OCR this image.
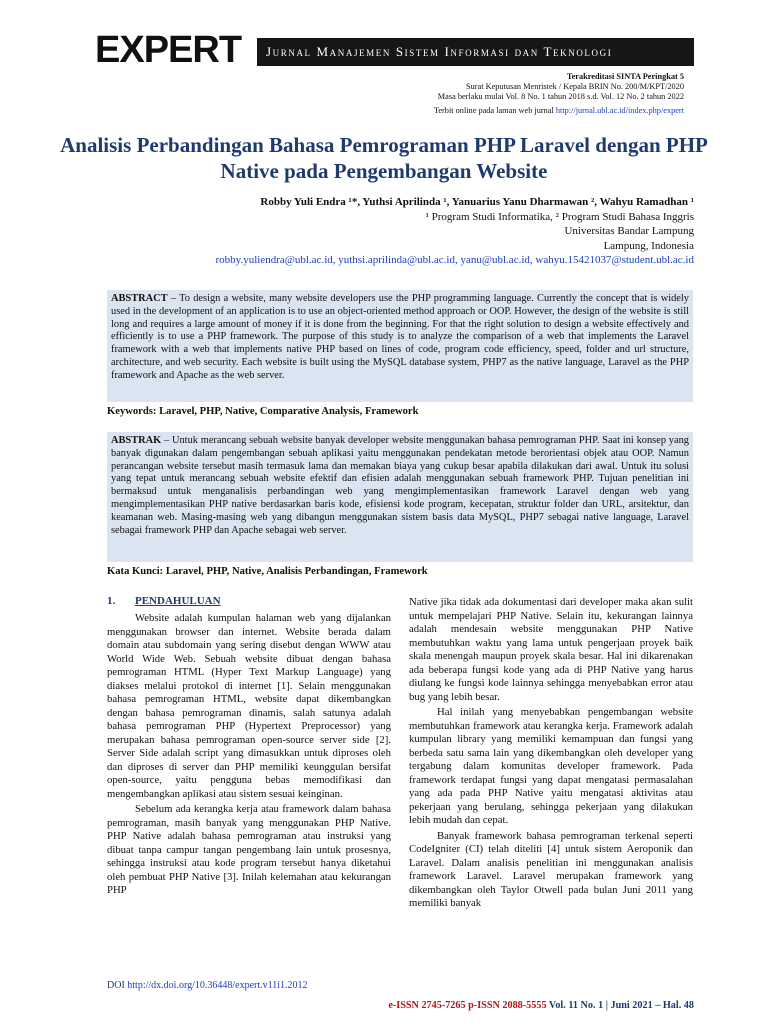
EXPERT	Jurnal Manajemen Sistem Informasi dan Teknologi
Terakreditasi SINTA Peringkat 5
Surat Keputusan Menristek / Kepala BRIN No. 200/M/KPT/2020
Masa berlaku mulai Vol. 8 No. 1 tahun 2018 s.d. Vol. 12 No. 2 tahun 2022
Terbit online pada laman web jurnal http://jurnal.ubl.ac.id/index.php/expert
Analisis Perbandingan Bahasa Pemrograman PHP Laravel dengan PHP Native pada Pengembangan Website
Robby Yuli Endra ¹*, Yuthsi Aprilinda ¹, Yanuarius Yanu Dharmawan ², Wahyu Ramadhan ¹
¹ Program Studi Informatika, ² Program Studi Bahasa Inggris
Universitas Bandar Lampung
Lampung, Indonesia
robby.yuliendra@ubl.ac.id, yuthsi.aprilinda@ubl.ac.id, yanu@ubl.ac.id, wahyu.15421037@student.ubl.ac.id
ABSTRACT – To design a website, many website developers use the PHP programming language. Currently the concept that is widely used in the development of an application is to use an object-oriented method approach or OOP. However, the design of the website is still long and requires a large amount of money if it is done from the beginning. For that the right solution to design a website effectively and efficiently is to use a PHP framework. The purpose of this study is to analyze the comparison of a web that implements the Laravel framework with a web that implements native PHP based on lines of code, program code efficiency, speed, folder and url structure, architecture, and web security. Each website is built using the MySQL database system, PHP7 as the native language, Laravel as the PHP framework and Apache as the web server.
Keywords: Laravel, PHP, Native, Comparative Analysis, Framework
ABSTRAK – Untuk merancang sebuah website banyak developer website menggunakan bahasa pemrograman PHP. Saat ini konsep yang banyak digunakan dalam pengembangan sebuah aplikasi yaitu menggunakan pendekatan metode berorientasi objek atau OOP. Namun perancangan website tersebut masih termasuk lama dan memakan biaya yang cukup besar apabila dilakukan dari awal. Untuk itu solusi yang tepat untuk merancang sebuah website efektif dan efisien adalah menggunakan sebuah framework PHP. Tujuan penelitian ini bermaksud untuk menganalisis perbandingan web yang mengimplementasikan framework Laravel dengan web yang mengimplementasikan PHP native berdasarkan baris kode, efisiensi kode program, kecepatan, struktur folder dan URL, arsitektur, dan keamanan web. Masing-masing web yang dibangun menggunakan sistem basis data MySQL, PHP7 sebagai native language, Laravel sebagai framework PHP dan Apache sebagai web server.
Kata Kunci: Laravel, PHP, Native, Analisis Perbandingan, Framework
1. PENDAHULUAN

Website adalah kumpulan halaman web yang dijalankan menggunakan browser dan internet. Website berada dalam domain atau subdomain yang sering disebut dengan WWW atau World Wide Web. Sebuah website dibuat dengan bahasa pemrograman HTML (Hyper Text Markup Language) yang diakses melalui protokol di internet [1]. Selain menggunakan bahasa pemrograman HTML, website dapat dikembangkan dengan bahasa pemrograman dinamis, salah satunya adalah bahasa pemrograman PHP (Hypertext Preprocessor) yang merupakan bahasa pemrograman open-source server side [2]. Server Side adalah script yang dimasukkan untuk diproses oleh dan diproses di server dan PHP memiliki keunggulan bersifat open-source, yaitu pengguna bebas memodifikasi dan mengembangkan aplikasi atau sistem sesuai keinginan.

Sebelum ada kerangka kerja atau framework dalam bahasa pemrograman, masih banyak yang menggunakan PHP Native. PHP Native adalah bahasa pemrograman atau instruksi yang dibuat tanpa campur tangan pengembang lain untuk prosesnya, sehingga instruksi atau kode program tersebut hanya diketahui oleh pembuat PHP Native [3]. Inilah kelemahan atau kekurangan PHP

Native jika tidak ada dokumentasi dari developer maka akan sulit untuk mempelajari PHP Native. Selain itu, kekurangan lainnya adalah mendesain website menggunakan PHP Native membutuhkan waktu yang lama untuk pengerjaan proyek baik skala menengah maupun proyek skala besar. Hal ini dikarenakan ada beberapa fungsi kode yang ada di PHP Native yang harus diulang ke fungsi kode lainnya sehingga menyebabkan error atau bug yang lebih besar.

Hal inilah yang menyebabkan pengembangan website membutuhkan framework atau kerangka kerja. Framework adalah kumpulan library yang memiliki kemampuan dan fungsi yang berbeda satu sama lain yang dikembangkan oleh developer yang tergabung dalam komunitas developer framework. Pada framework terdapat fungsi yang dapat mengatasi permasalahan yang ada pada PHP Native yaitu mengatasi aktivitas atau pekerjaan yang berulang, sehingga pekerjaan yang dilakukan lebih mudah dan cepat.

Banyak framework bahasa pemrograman terkenal seperti CodeIgniter (CI) telah diteliti [4] untuk sistem Aeroponik dan Laravel. Dalam analisis penelitian ini menggunakan analisis framework Laravel. Laravel merupakan framework yang dikembangkan oleh Taylor Otwell pada bulan Juni 2011 yang memiliki banyak

DOI http://dx.doi.org/10.36448/expert.v11i1.2012
e-ISSN 2745-7265 p-ISSN 2088-5555 Vol. 11 No. 1 | Juni 2021 – Hal. 48
